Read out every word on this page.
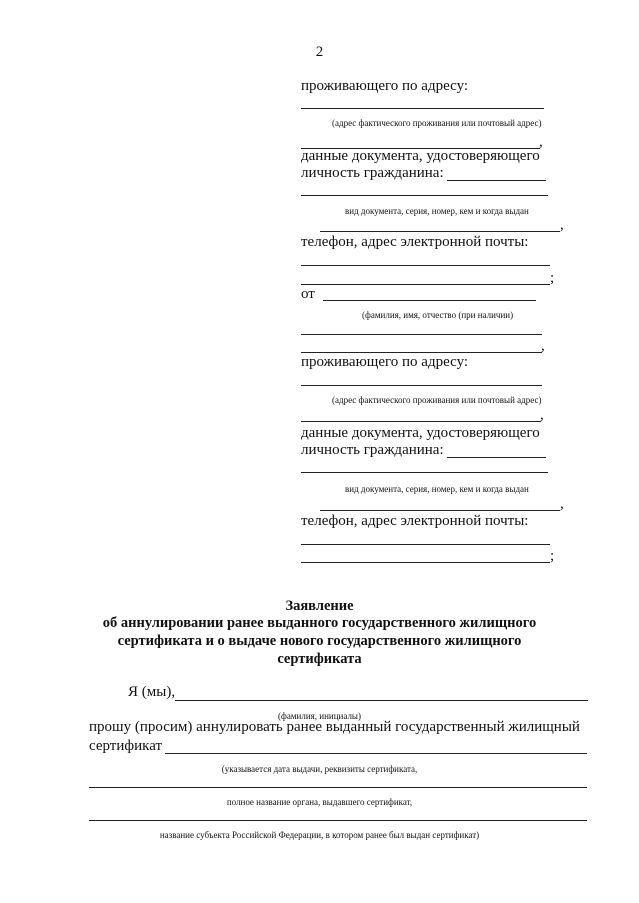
2
проживающего по адресу:
(адрес фактического проживания или почтовый адрес)
,
данные документа, удостоверяющего
личность гражданина:
вид документа, серия, номер, кем и когда выдан
,
телефон, адрес электронной почты:
;
от
(фамилия, имя, отчество (при наличии)
,
проживающего по адресу:
(адрес фактического проживания или почтовый адрес)
,
данные документа, удостоверяющего
личность гражданина:
вид документа, серия, номер, кем и когда выдан
,
телефон, адрес электронной почты:
;
Заявление
об аннулировании ранее выданного государственного жилищного
сертификата и о выдаче нового государственного жилищного
сертификата
Я (мы),
(фамилия, инициалы)
прошу (просим) аннулировать ранее выданный государственный жилищный
сертификат
(указывается дата выдачи, реквизиты сертификата,
полное название органа, выдавшего сертификат,
название субъекта Российской Федерации, в котором ранее был выдан сертификат)
